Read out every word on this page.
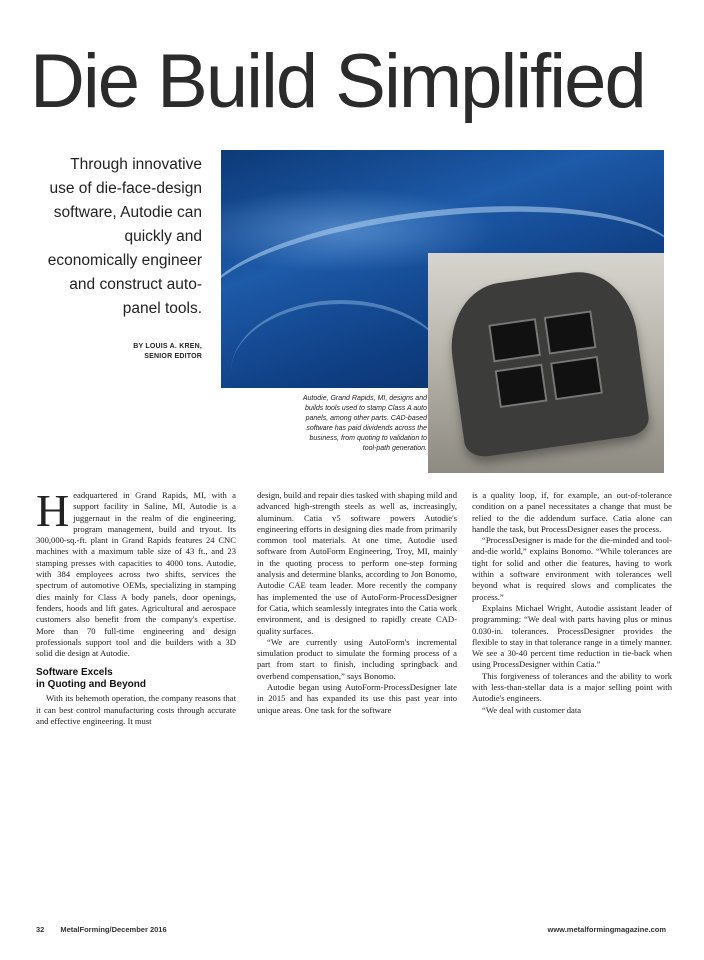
Die Build Simplified
Through innovative
use of die-face-design
software, Autodie can
quickly and
economically engineer
and construct auto-
panel tools.
BY LOUIS A. KREN,
SENIOR EDITOR
Autodie, Grand Rapids, MI, designs and
builds tools used to stamp Class A auto
panels, among other parts. CAD-based
software has paid dividends across the
business, from quoting to validation to
tool-path generation.

Headquartered in Grand Rapids, MI, with a support facility in Saline, MI, Autodie is a juggernaut in the realm of die engineering, program management, build and tryout. Its 300,000-sq.-ft. plant in Grand Rapids features 24 CNC machines with a maximum table size of 43 ft., and 23 stamping presses with capacities to 4000 tons. Autodie, with 384 employees across two shifts, services the spectrum of automotive OEMs, specializing in stamping dies mainly for Class A body panels, door openings, fenders, hoods and lift gates. Agricultural and aerospace customers also benefit from the company's expertise. More than 70 full-time engineering and design professionals support tool and die builders with a 3D solid die design at Autodie.

Software Excels
in Quoting and Beyond

With its behemoth operation, the company reasons that it can best control manufacturing costs through accurate and effective engineering. It must

design, build and repair dies tasked with shaping mild and advanced high-strength steels as well as, increasingly, aluminum. Catia v5 software powers Autodie's engineering efforts in designing dies made from primarily common tool materials. At one time, Autodie used software from AutoForm Engineering, Troy, MI, mainly in the quoting process to perform one-step forming analysis and determine blanks, according to Jon Bonomo, Autodie CAE team leader. More recently the company has implemented the use of AutoForm-ProcessDesigner for Catia, which seamlessly integrates into the Catia work environment, and is designed to rapidly create CAD-quality surfaces.

“We are currently using AutoForm's incremental simulation product to simulate the forming process of a part from start to finish, including springback and overbend compensation,” says Bonomo.

Autodie began using AutoForm-ProcessDesigner late in 2015 and has expanded its use this past year into unique areas. One task for the software

is a quality loop, if, for example, an out-of-tolerance condition on a panel necessitates a change that must be relied to the die addendum surface. Catia alone can handle the task, but ProcessDesigner eases the process.

“ProcessDesigner is made for the die-minded and tool-and-die world,” explains Bonomo. “While tolerances are tight for solid and other die features, having to work within a software environment with tolerances well beyond what is required slows and complicates the process.”

Explains Michael Wright, Autodie assistant leader of programming: “We deal with parts having plus or minus 0.030-in. tolerances. ProcessDesigner provides the flexible to stay in that tolerance range in a timely manner. We see a 30-40 percent time reduction in tie-back when using ProcessDesigner within Catia.”

This forgiveness of tolerances and the ability to work with less-than-stellar data is a major selling point with Autodie's engineers.

“We deal with customer data

32 MetalForming/December 2016	www.metalformingmagazine.com
